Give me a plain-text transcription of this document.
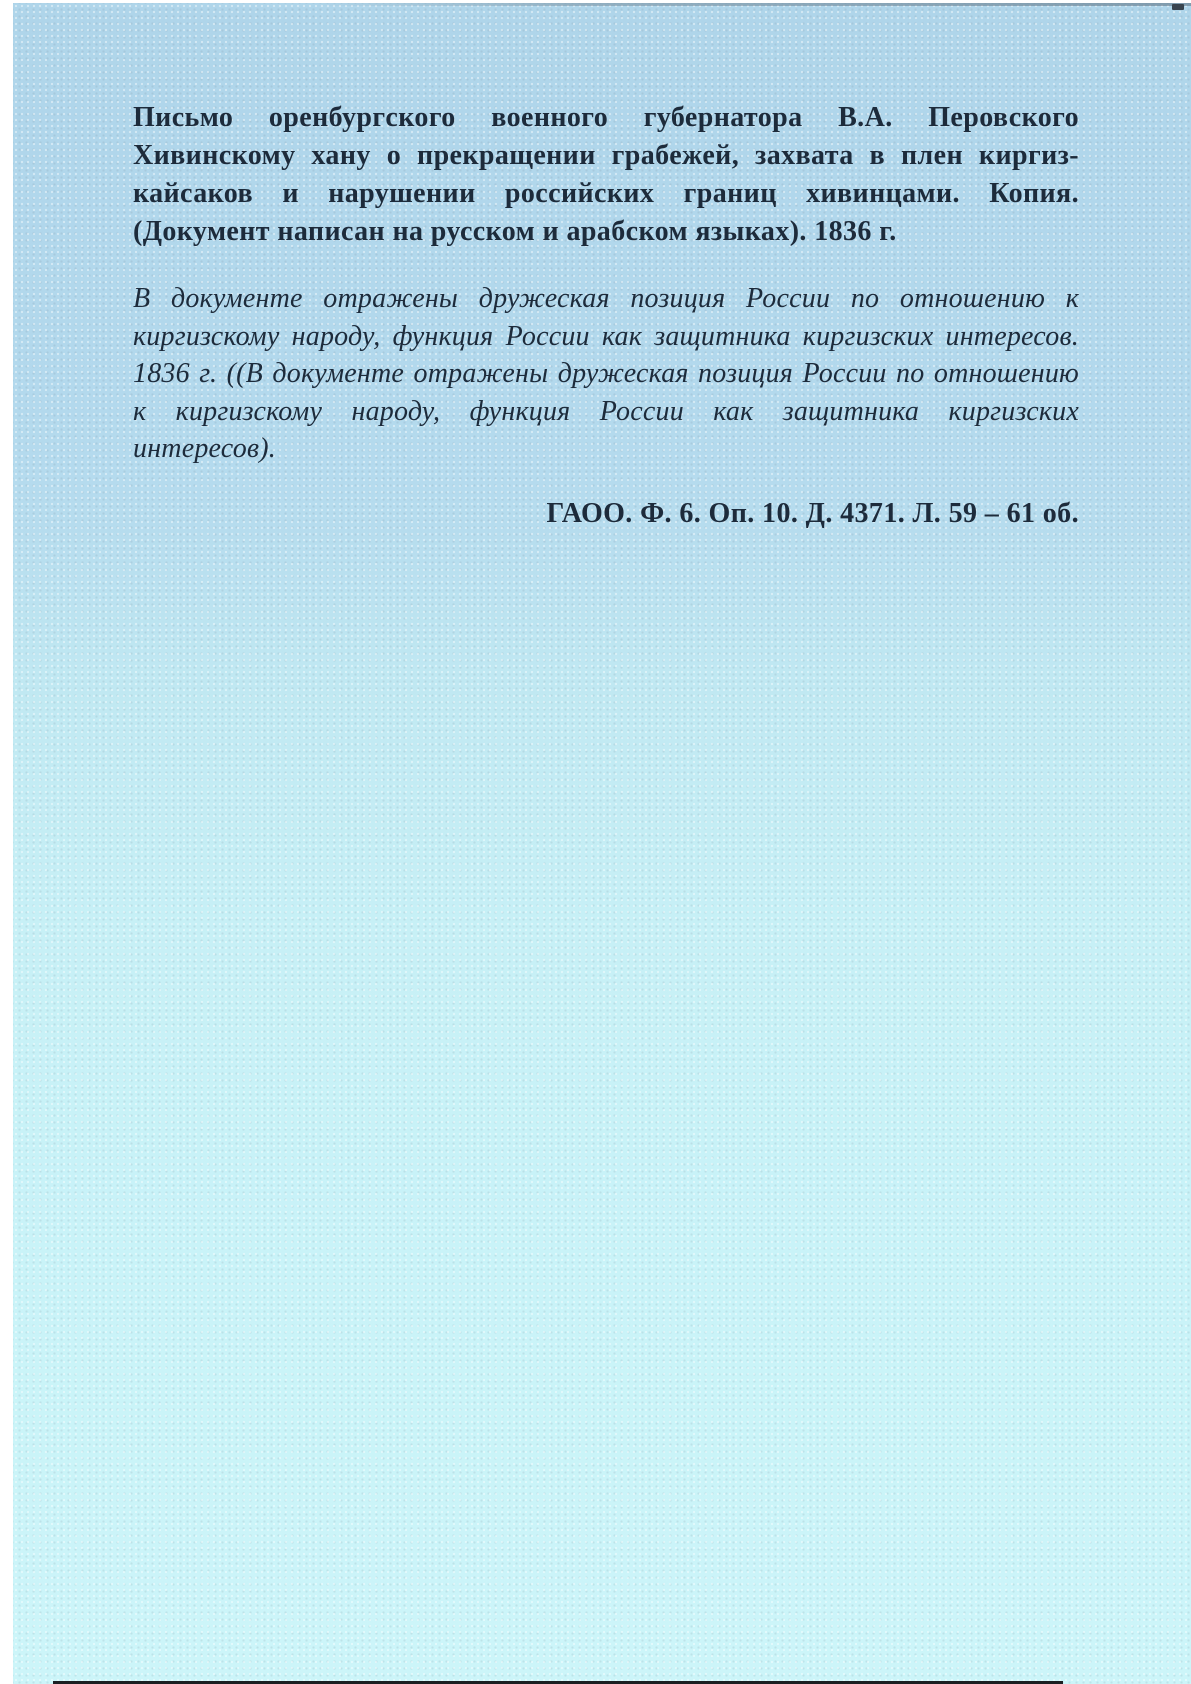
Письмо оренбургского военного губернатора В.А. Перовского
Хивинскому хану о прекращении грабежей, захвата в плен киргиз-
кайсаков и нарушении российских границ хивинцами. Копия.
(Документ написан на русском и арабском языках). 1836 г.
В документе отражены дружеская позиция России по отношению к
киргизскому народу, функция России как защитника киргизских интересов.
1836 г. ((В документе отражены дружеская позиция России по отношению
к киргизскому народу, функция России как защитника киргизских
интересов).
ГАОО. Ф. 6. Оп. 10. Д. 4371. Л. 59 – 61 об.
